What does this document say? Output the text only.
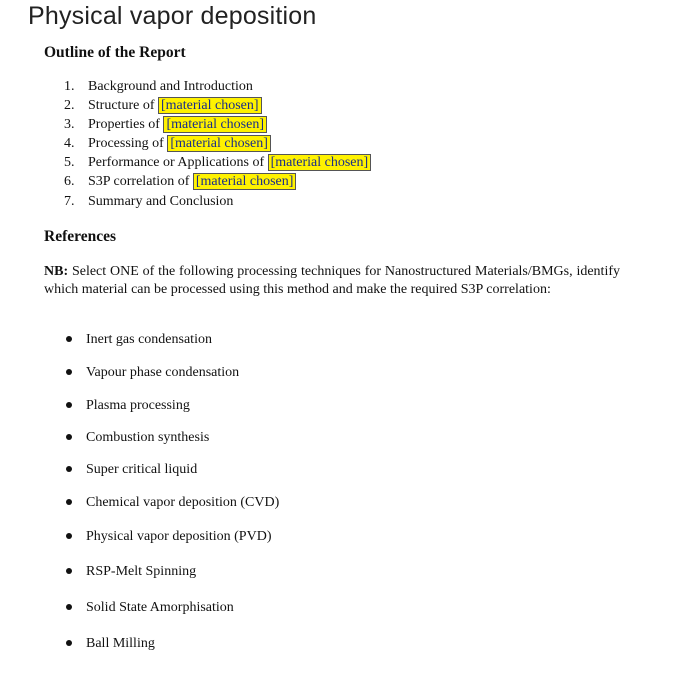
Physical vapor deposition
Outline of the Report
1. Background and Introduction
2. Structure of [material chosen]
3. Properties of [material chosen]
4. Processing of [material chosen]
5. Performance or Applications of [material chosen]
6. S3P correlation of [material chosen]
7. Summary and Conclusion
References
NB: Select ONE of the following processing techniques for Nanostructured Materials/BMGs, identify which material can be processed using this method and make the required S3P correlation:
Inert gas condensation
Vapour phase condensation
Plasma processing
Combustion synthesis
Super critical liquid
Chemical vapor deposition (CVD)
Physical vapor deposition (PVD)
RSP-Melt Spinning
Solid State Amorphisation
Ball Milling
